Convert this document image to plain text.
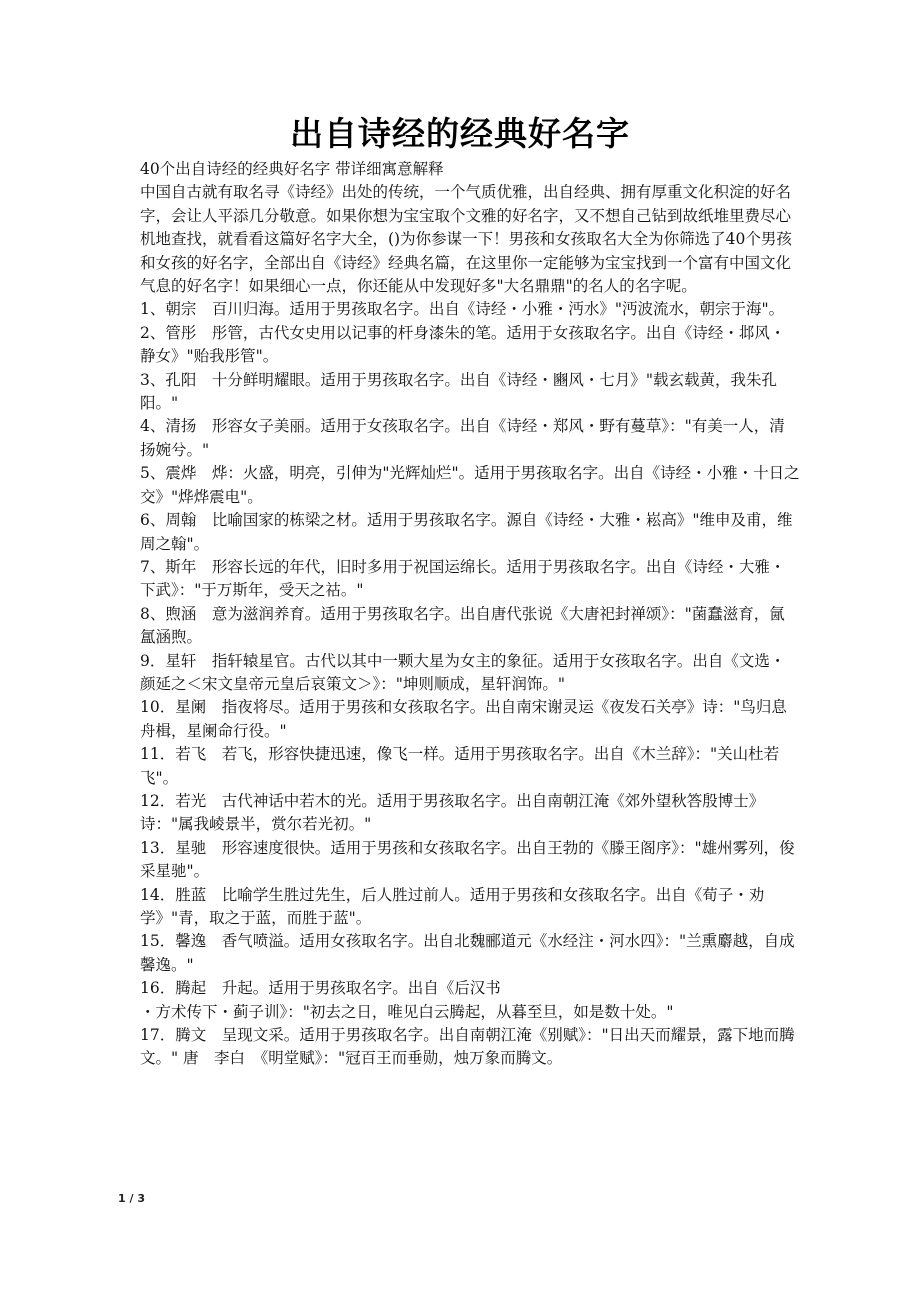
出自诗经的经典好名字

40个出自诗经的经典好名字 带详细寓意解释

中国自古就有取名寻《诗经》出处的传统，一个气质优雅，出自经典、拥有厚重文化积淀的好名字，会让人平添几分敬意。如果你想为宝宝取个文雅的好名字，又不想自己钻到故纸堆里费尽心机地查找，就看看这篇好名字大全，()为你参谋一下！男孩和女孩取名大全为你筛选了40个男孩和女孩的好名字，全部出自《诗经》经典名篇，在这里你一定能够为宝宝找到一个富有中国文化气息的好名字！如果细心一点，你还能从中发现好多"大名鼎鼎"的名人的名字呢。

1、朝宗　百川归海。适用于男孩取名字。出自《诗经・小雅・沔水》"沔波流水，朝宗于海"。

2、管彤　彤管，古代女史用以记事的杆身漆朱的笔。适用于女孩取名字。出自《诗经・邶风・静女》"贻我彤管"。

3、孔阳　十分鲜明耀眼。适用于男孩取名字。出自《诗经・豳风・七月》"载玄载黄，我朱孔阳。"

4、清扬　形容女子美丽。适用于女孩取名字。出自《诗经・郑风・野有蔓草》："有美一人，清扬婉兮。"

5、震烨　烨：火盛，明亮，引伸为"光辉灿烂"。适用于男孩取名字。出自《诗经・小雅・十日之交》"烨烨震电"。

6、周翰　比喻国家的栋梁之材。适用于男孩取名字。源自《诗经・大雅・崧高》"维申及甫，维周之翰"。

7、斯年　形容长远的年代，旧时多用于祝国运绵长。适用于男孩取名字。出自《诗经・大雅・下武》："于万斯年，受天之祜。"

8、煦涵　意为滋润养育。适用于男孩取名字。出自唐代张说《大唐祀封禅颂》："菌蠢滋育，氤氲涵煦。

9．星轩　指轩辕星官。古代以其中一颗大星为女主的象征。适用于女孩取名字。出自《文选・颜延之＜宋文皇帝元皇后哀策文＞》："坤则顺成，星轩润饰。"

10．星阑　指夜将尽。适用于男孩和女孩取名字。出自南宋谢灵运《夜发石关亭》诗："鸟归息舟楫，星阑命行役。"

11．若飞　若飞，形容快捷迅速，像飞一样。适用于男孩取名字。出自《木兰辞》："关山杜若飞"。

12．若光　古代神话中若木的光。适用于男孩取名字。出自南朝江淹《郊外望秋答殷博士》诗："属我崚景半，赏尔若光初。"

13．星驰　形容速度很快。适用于男孩和女孩取名字。出自王勃的《滕王阁序》："雄州雾列，俊采星驰"。

14．胜蓝　比喻学生胜过先生，后人胜过前人。适用于男孩和女孩取名字。出自《荀子・劝学》"青，取之于蓝，而胜于蓝"。

15．馨逸　香气喷溢。适用女孩取名字。出自北魏郦道元《水经注・河水四》："兰熏麝越，自成馨逸。"

16．腾起　升起。适用于男孩取名字。出自《后汉书

・方术传下・蓟子训》："初去之日，唯见白云腾起，从暮至旦，如是数十处。"

17．腾文　呈现文采。适用于男孩取名字。出自南朝江淹《别赋》："日出天而耀景，露下地而腾文。" 唐　李白　《明堂赋》："冠百王而垂勋，烛万象而腾文。

1 / 3
